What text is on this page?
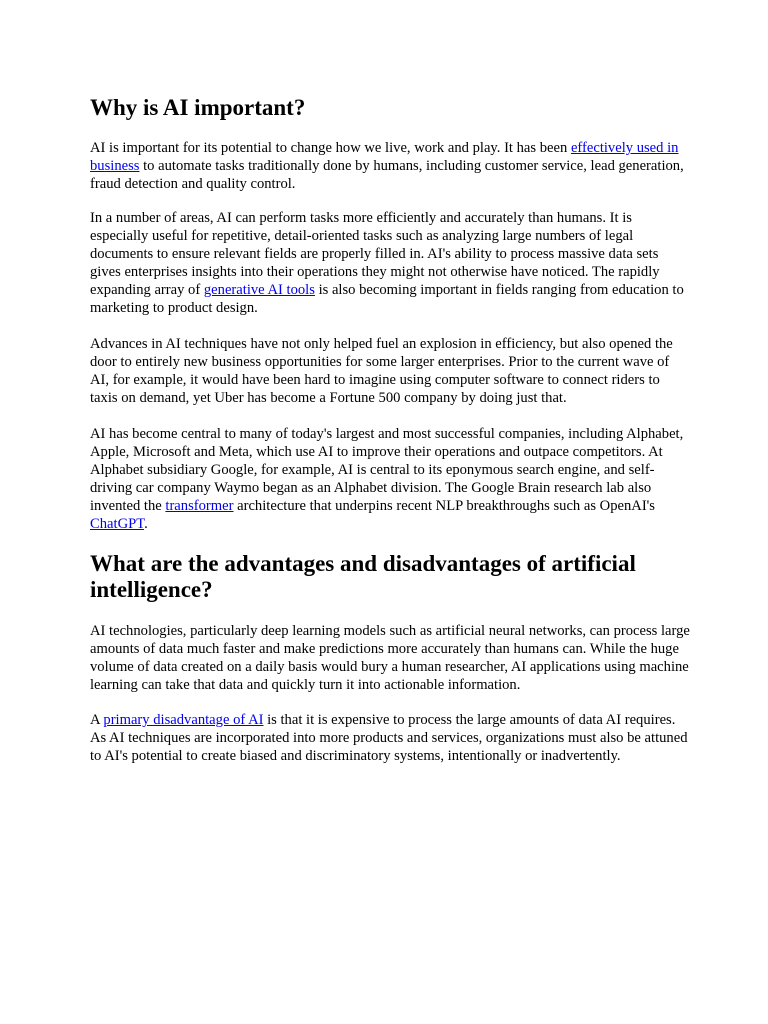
Why is AI important?

AI is important for its potential to change how we live, work and play. It has been effectively used in business to automate tasks traditionally done by humans, including customer service, lead generation, fraud detection and quality control.

In a number of areas, AI can perform tasks more efficiently and accurately than humans. It is especially useful for repetitive, detail-oriented tasks such as analyzing large numbers of legal documents to ensure relevant fields are properly filled in. AI's ability to process massive data sets gives enterprises insights into their operations they might not otherwise have noticed. The rapidly expanding array of generative AI tools is also becoming important in fields ranging from education to marketing to product design.

Advances in AI techniques have not only helped fuel an explosion in efficiency, but also opened the door to entirely new business opportunities for some larger enterprises. Prior to the current wave of AI, for example, it would have been hard to imagine using computer software to connect riders to taxis on demand, yet Uber has become a Fortune 500 company by doing just that.

AI has become central to many of today's largest and most successful companies, including Alphabet, Apple, Microsoft and Meta, which use AI to improve their operations and outpace competitors. At Alphabet subsidiary Google, for example, AI is central to its eponymous search engine, and self-driving car company Waymo began as an Alphabet division. The Google Brain research lab also invented the transformer architecture that underpins recent NLP breakthroughs such as OpenAI's ChatGPT.

What are the advantages and disadvantages of artificial intelligence?

AI technologies, particularly deep learning models such as artificial neural networks, can process large amounts of data much faster and make predictions more accurately than humans can. While the huge volume of data created on a daily basis would bury a human researcher, AI applications using machine learning can take that data and quickly turn it into actionable information.

A primary disadvantage of AI is that it is expensive to process the large amounts of data AI requires. As AI techniques are incorporated into more products and services, organizations must also be attuned to AI's potential to create biased and discriminatory systems, intentionally or inadvertently.
